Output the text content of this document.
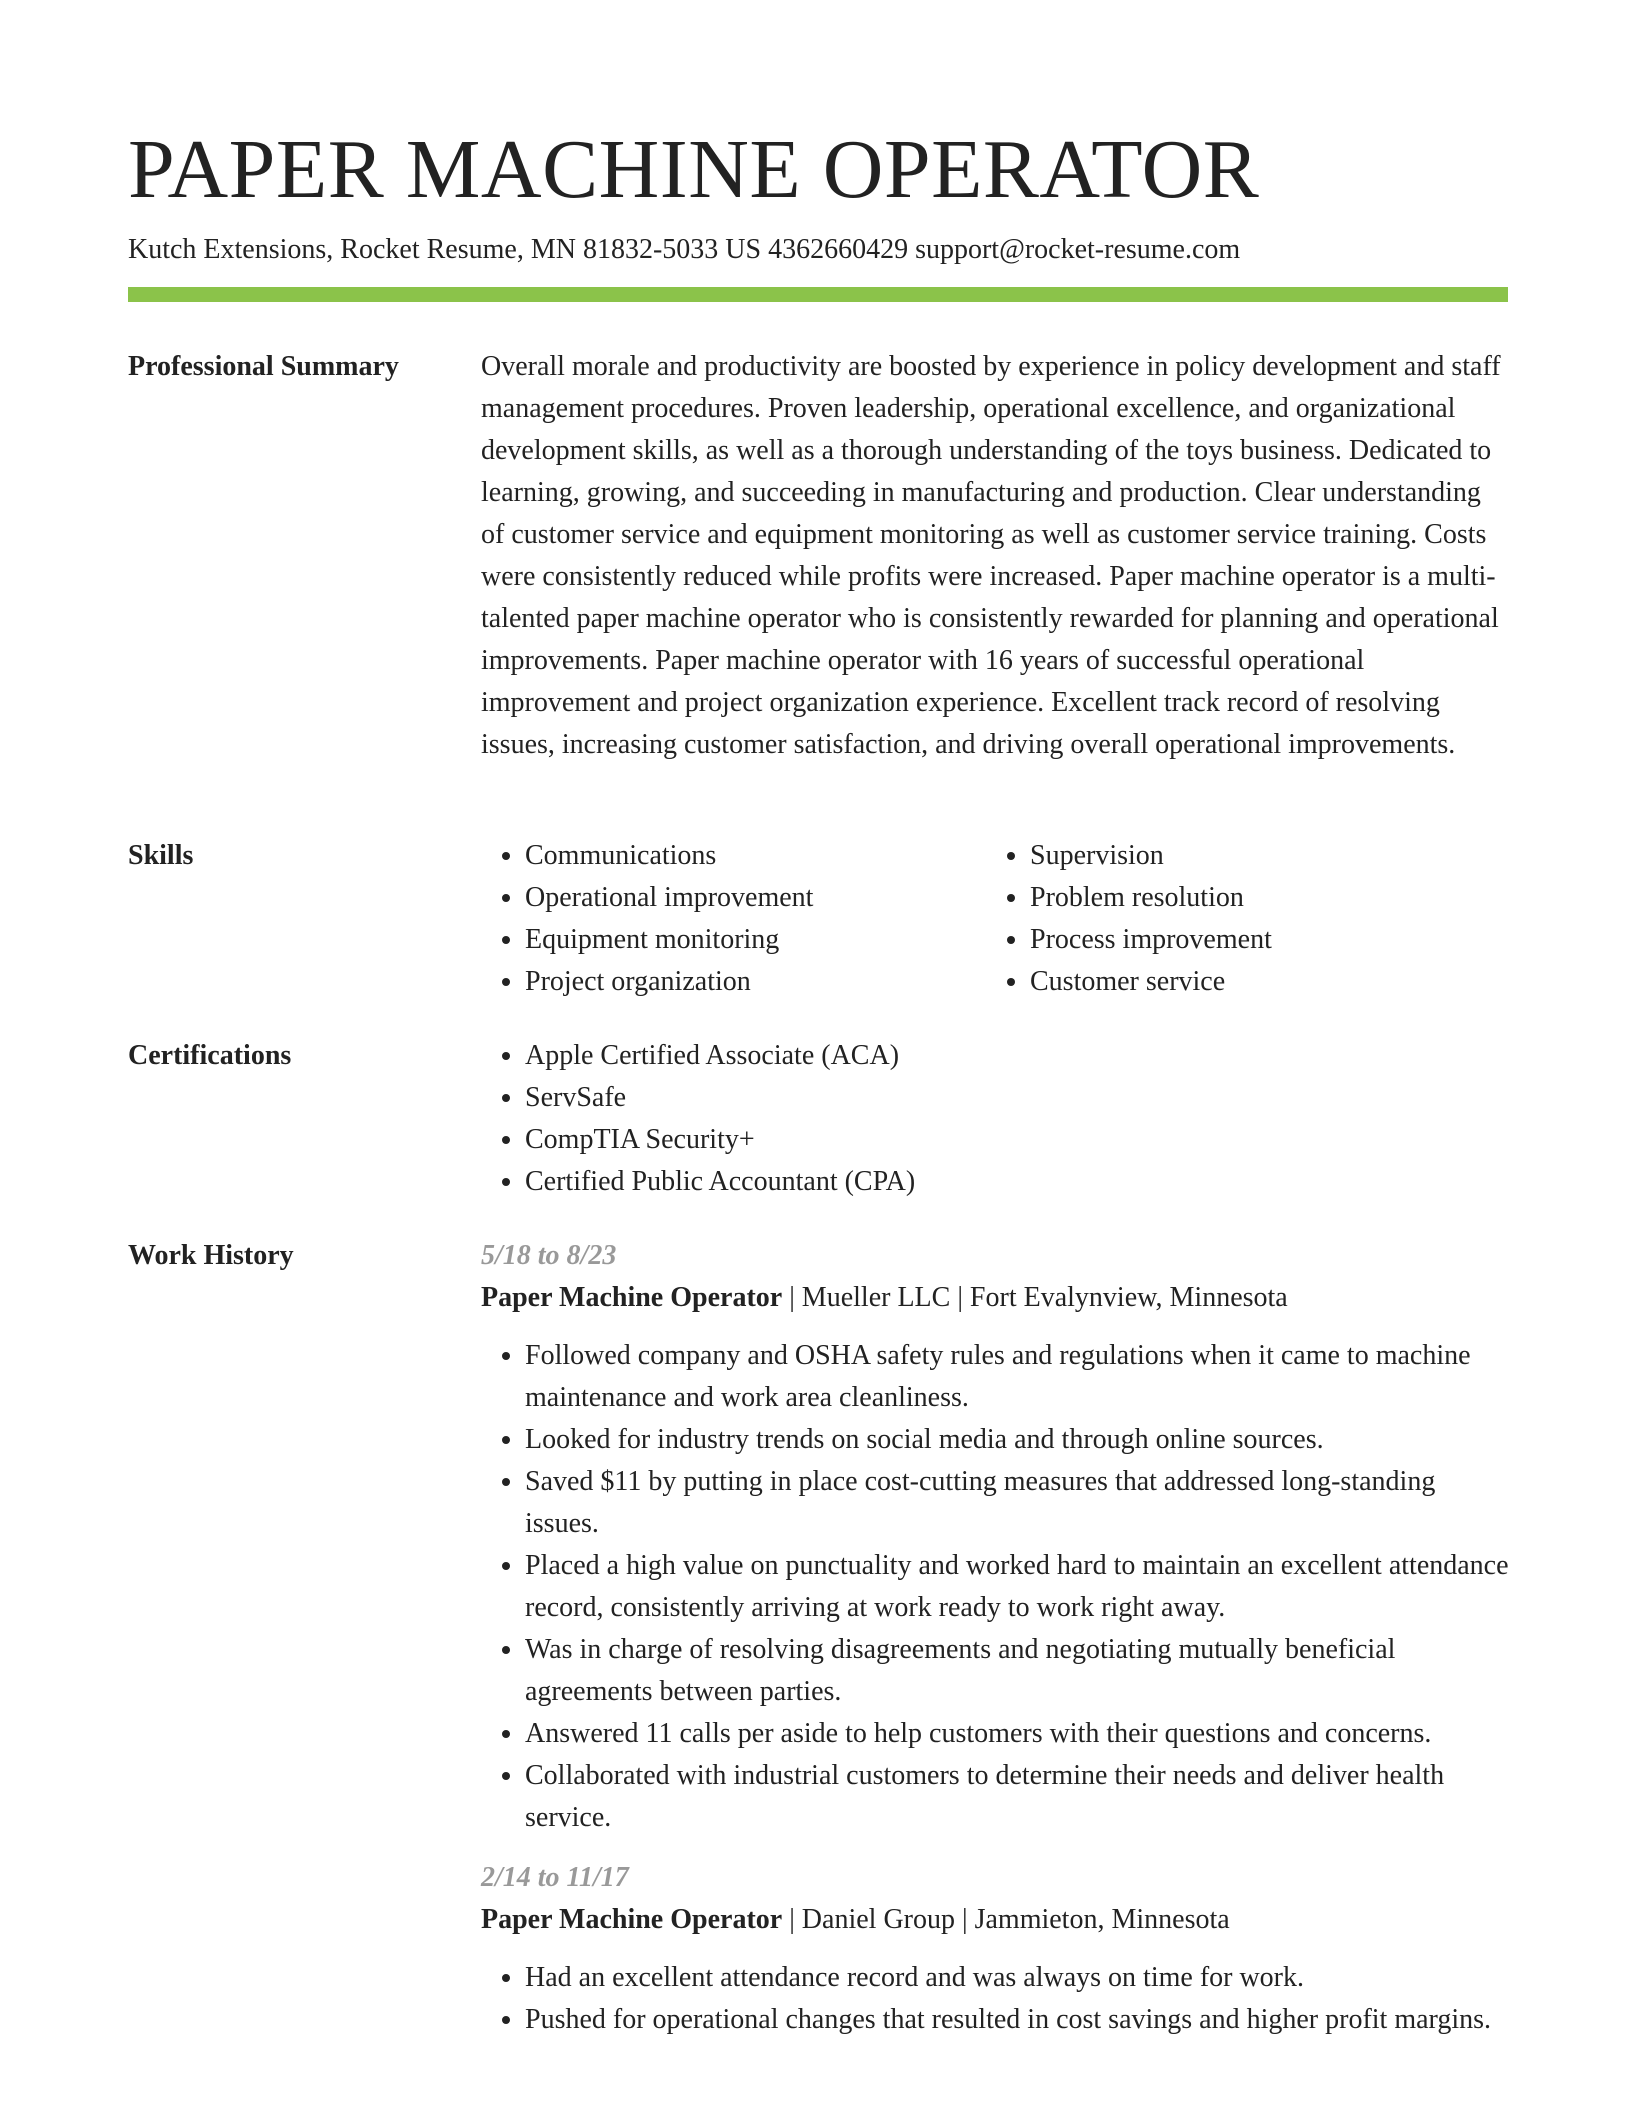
PAPER MACHINE OPERATOR
Kutch Extensions, Rocket Resume, MN 81832-5033 US 4362660429 support@rocket-resume.com
Professional Summary	Overall morale and productivity are boosted by experience in policy development and staff management procedures. Proven leadership, operational excellence, and organizational development skills, as well as a thorough understanding of the toys business. Dedicated to learning, growing, and succeeding in manufacturing and production. Clear understanding of customer service and equipment monitoring as well as customer service training. Costs were consistently reduced while profits were increased. Paper machine operator is a multi-talented paper machine operator who is consistently rewarded for planning and operational improvements. Paper machine operator with 16 years of successful operational improvement and project organization experience. Excellent track record of resolving issues, increasing customer satisfaction, and driving overall operational improvements.

Skills	• Communications
• Operational improvement
• Equipment monitoring
• Project organization
• Supervision
• Problem resolution
• Process improvement
• Customer service
Certifications	• Apple Certified Associate (ACA)
• ServSafe
• CompTIA Security+
• Certified Public Accountant (CPA)
Work History	5/18 to 8/23
Paper Machine Operator | Mueller LLC | Fort Evalynview, Minnesota
• Followed company and OSHA safety rules and regulations when it came to machine maintenance and work area cleanliness.
• Looked for industry trends on social media and through online sources.
• Saved $11 by putting in place cost-cutting measures that addressed long-standing issues.
• Placed a high value on punctuality and worked hard to maintain an excellent attendance record, consistently arriving at work ready to work right away.
• Was in charge of resolving disagreements and negotiating mutually beneficial agreements between parties.
• Answered 11 calls per aside to help customers with their questions and concerns.
• Collaborated with industrial customers to determine their needs and deliver health service.
2/14 to 11/17
Paper Machine Operator | Daniel Group | Jammieton, Minnesota
• Had an excellent attendance record and was always on time for work.
• Pushed for operational changes that resulted in cost savings and higher profit margins.
